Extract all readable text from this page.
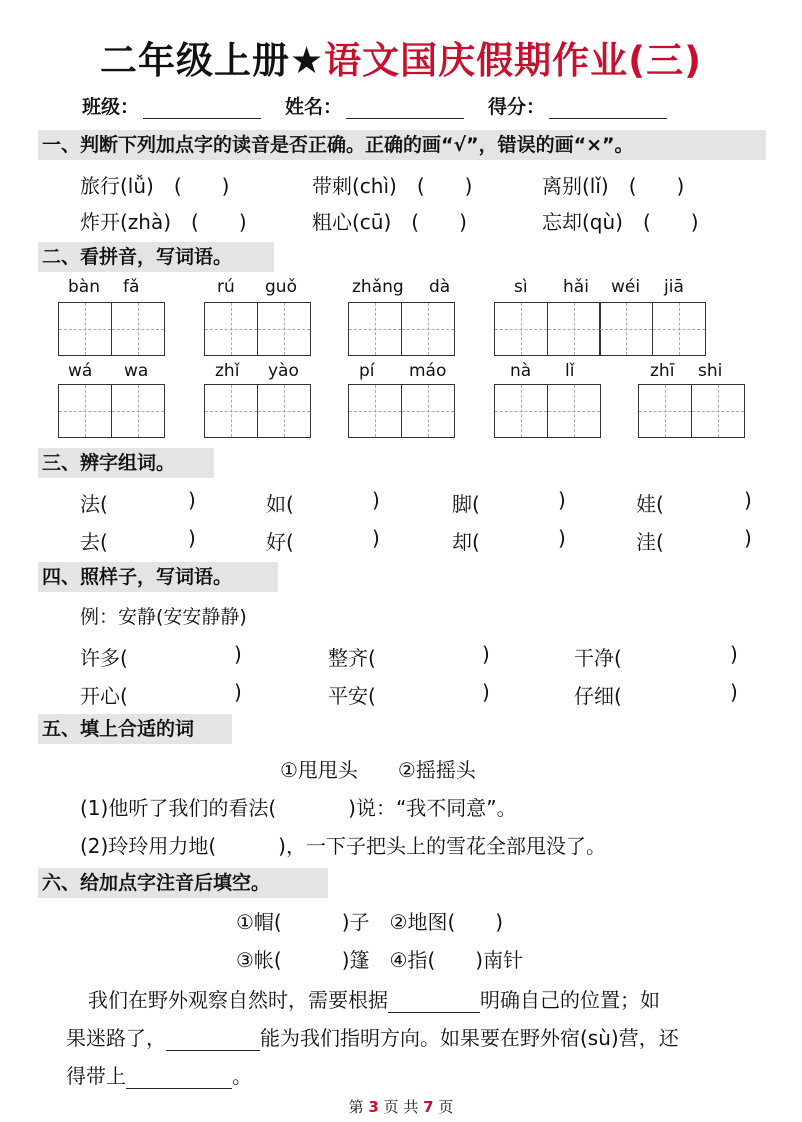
二年级上册★语文国庆假期作业(三)
班级：	姓名：	得分：
一、判断下列加点字的读音是否正确。正确的画“√”，错误的画“×”。
旅行(lǚ)　(　　)	带刺(chì)　(　　)	离别(lǐ)　(　　)
炸开(zhà)　(　　)	粗心(cū)　(　　)	忘却(qù)　(　　)
二、看拼音，写词语。
bàn fǎ	rú guǒ	zhǎng dà	sì hǎi wéi jiā
wá wa	zhǐ yào	pí máo	nà lǐ	zhī shi
三、辨字组词。
法(	)	如(	)	脚(	)	娃(	)
去(	)	好(	)	却(	)	洼(	)
四、照样子，写词语。
例：安静(安安静静)
许多(	)	整齐(	)	干净(	)
开心(	)	平安(	)	仔细(	)
五、填上合适的词
①甩甩头　　②摇摇头
(1)他听了我们的看法(	)说：“我不同意”。
(2)玲玲用力地(	)，一下子把头上的雪花全部甩没了。
六、给加点字注音后填空。
①帽(　　　)子　②地图(　　)
③帐(　　　)篷　④指(　　)南针
我们在野外观察自然时，需要根据	明确自己的位置；如
果迷路了，	能为我们指明方向。如果要在野外宿(sù)营，还
得带上	。
第 3 页 共 7 页
